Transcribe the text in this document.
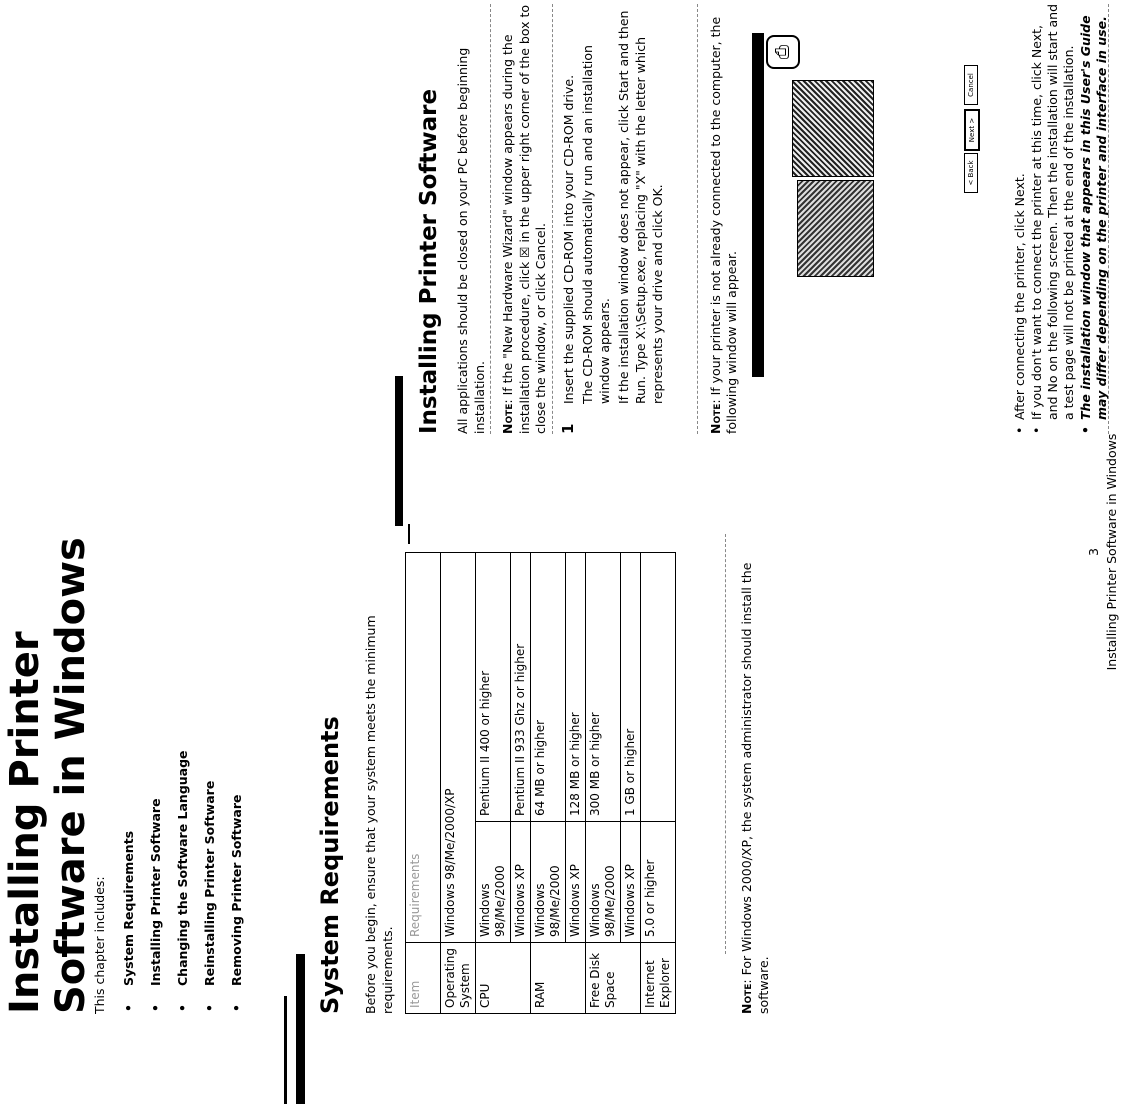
Installing Printer Software in Windows
This chapter includes: • System Requirements • Installing Printer Software • Changing the Software Language • Reinstalling Printer Software • Removing Printer Software	System Requirements Before you begin, ensure that your system meets the minimum requirements. Item	Requirements	
Operating System	Windows 98/Me/2000/XP	
CPU	Windows 98/Me/2000	Pentium II 400 or higher
	Windows XP	Pentium II 933 Ghz or higher
RAM	Windows 98/Me/2000	64 MB or higher
	Windows XP	128 MB or higher
Free Disk Space	Windows 98/Me/2000	300 MB or higher
	Windows XP	1 GB or higher
Internet Explorer	5.0 or higher	
Note: For Windows 2000/XP, the system administrator should install the software.
Installing Printer Software All applications should be closed on your PC before beginning installation. Note: If the "New Hardware Wizard" window appears during the installation procedure, click ☒ in the upper right corner of the box to close the window, or click Cancel. 1

Insert the supplied CD-ROM into your CD-ROM drive. The CD-ROM should automatically run and an installation window appears. If the installation window does not appear, click Start and then Run. Type X:\Setup.exe, replacing "X" with the letter which represents your drive and click OK.

Note: If your printer is not already connected to the computer, the following window will appear.
⎙
< Back
Next >
Cancel
• After connecting the printer, click Next. • If you don't want to connect the printer at this time, click Next, and No on the following screen. Then the installation will start and a test page will not be printed at the end of the installation. • The installation window that appears in this User's Guide may differ depending on the printer and interface in use.
3 Installing Printer Software in Windows
